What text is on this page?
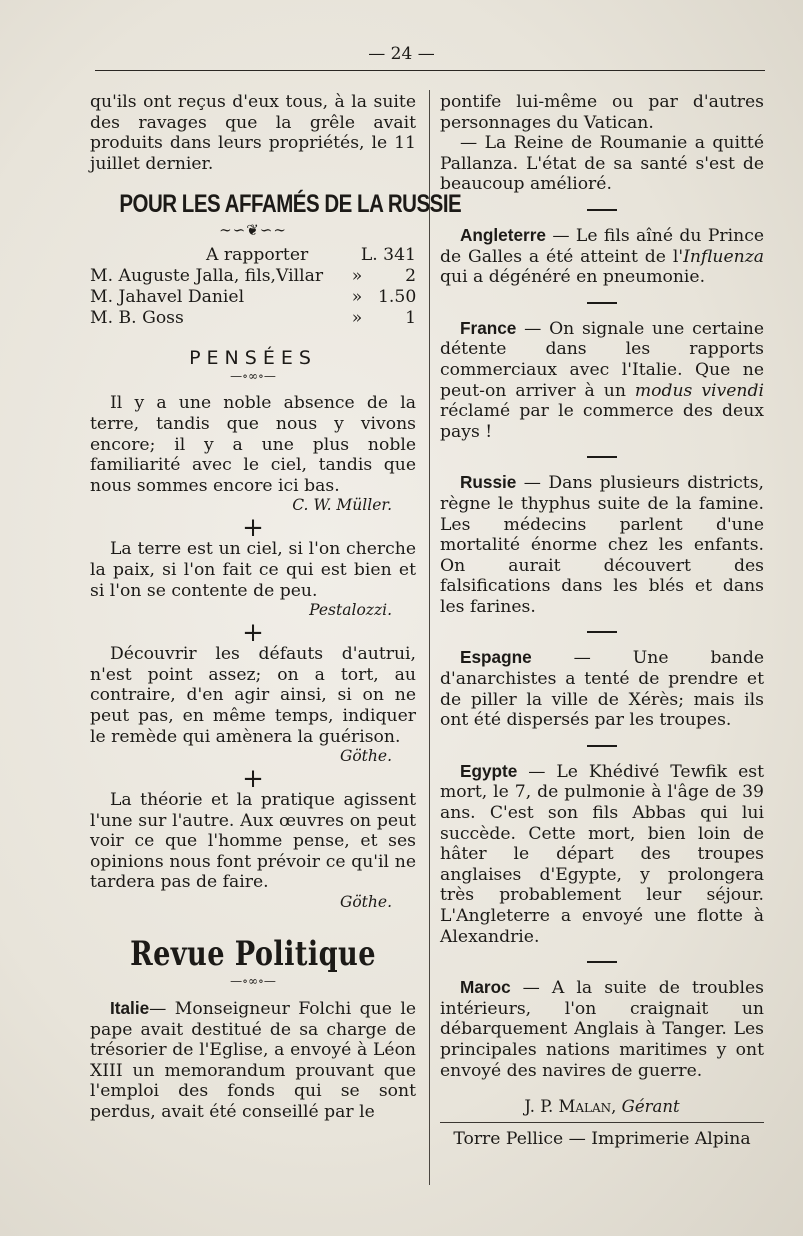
— 24 —

qu'ils ont reçus d'eux tous, à la suite des ravages que la grêle avait produits dans leurs propriétés, le 11 juillet dernier.

POUR LES AFFAMÉS DE LA RUSSIE
∼∽❦∽∼
A rapporter	L. 341
M. Auguste Jalla, fils,Villar	»	2
M. Jahavel Daniel	» 1.50
M. B. Goss	»	1
PENSÉES
—∘∞∘—

Il y a une noble absence de la terre, tandis que nous y vivons encore; il y a une plus noble familiarité avec le ciel, tandis que nous sommes encore ici bas.

C. W. Müller.

+

La terre est un ciel, si l'on cherche la paix, si l'on fait ce qui est bien et si l'on se contente de peu.

Pestalozzi.

+

Découvrir les défauts d'autrui, n'est point assez; on a tort, au contraire, d'en agir ainsi, si on ne peut pas, en même temps, indiquer le remède qui amènera la guérison.

Göthe.

+

La théorie et la pratique agissent l'une sur l'autre. Aux œuvres on peut voir ce que l'homme pense, et ses opinions nous font prévoir ce qu'il ne tardera pas de faire.

Göthe.

Revue Politique
—∘∞∘—

Italie— Monseigneur Folchi que le pape avait destitué de sa charge de trésorier de l'Eglise, a envoyé à Léon XIII un memorandum prouvant que l'emploi des fonds qui se sont perdus, avait été conseillé par le

pontife lui-même ou par d'autres personnages du Vatican.

— La Reine de Roumanie a quitté Pallanza. L'état de sa santé s'est de beaucoup amélioré.

Angleterre — Le fils aîné du Prince de Galles a été atteint de l'Influenza qui a dégénéré en pneumonie.

France — On signale une certaine détente dans les rapports commerciaux avec l'Italie. Que ne peut-on arriver à un modus vivendi réclamé par le commerce des deux pays !

Russie — Dans plusieurs districts, règne le thyphus suite de la famine. Les médecins parlent d'une mortalité énorme chez les enfants. On aurait découvert des falsifications dans les blés et dans les farines.

Espagne — Une bande d'anarchistes a tenté de prendre et de piller la ville de Xérès; mais ils ont été dispersés par les troupes.

Egypte — Le Khédivé Tewfik est mort, le 7, de pulmonie à l'âge de 39 ans. C'est son fils Abbas qui lui succède. Cette mort, bien loin de hâter le départ des troupes anglaises d'Egypte, y prolongera très probablement leur séjour. L'Angleterre a envoyé une flotte à Alexandrie.

Maroc — A la suite de troubles intérieurs, l'on craignait un débarquement Anglais à Tanger. Les principales nations maritimes y ont envoyé des navires de guerre.

J. P. Malan,
Gérant

Torre Pellice — Imprimerie Alpina
